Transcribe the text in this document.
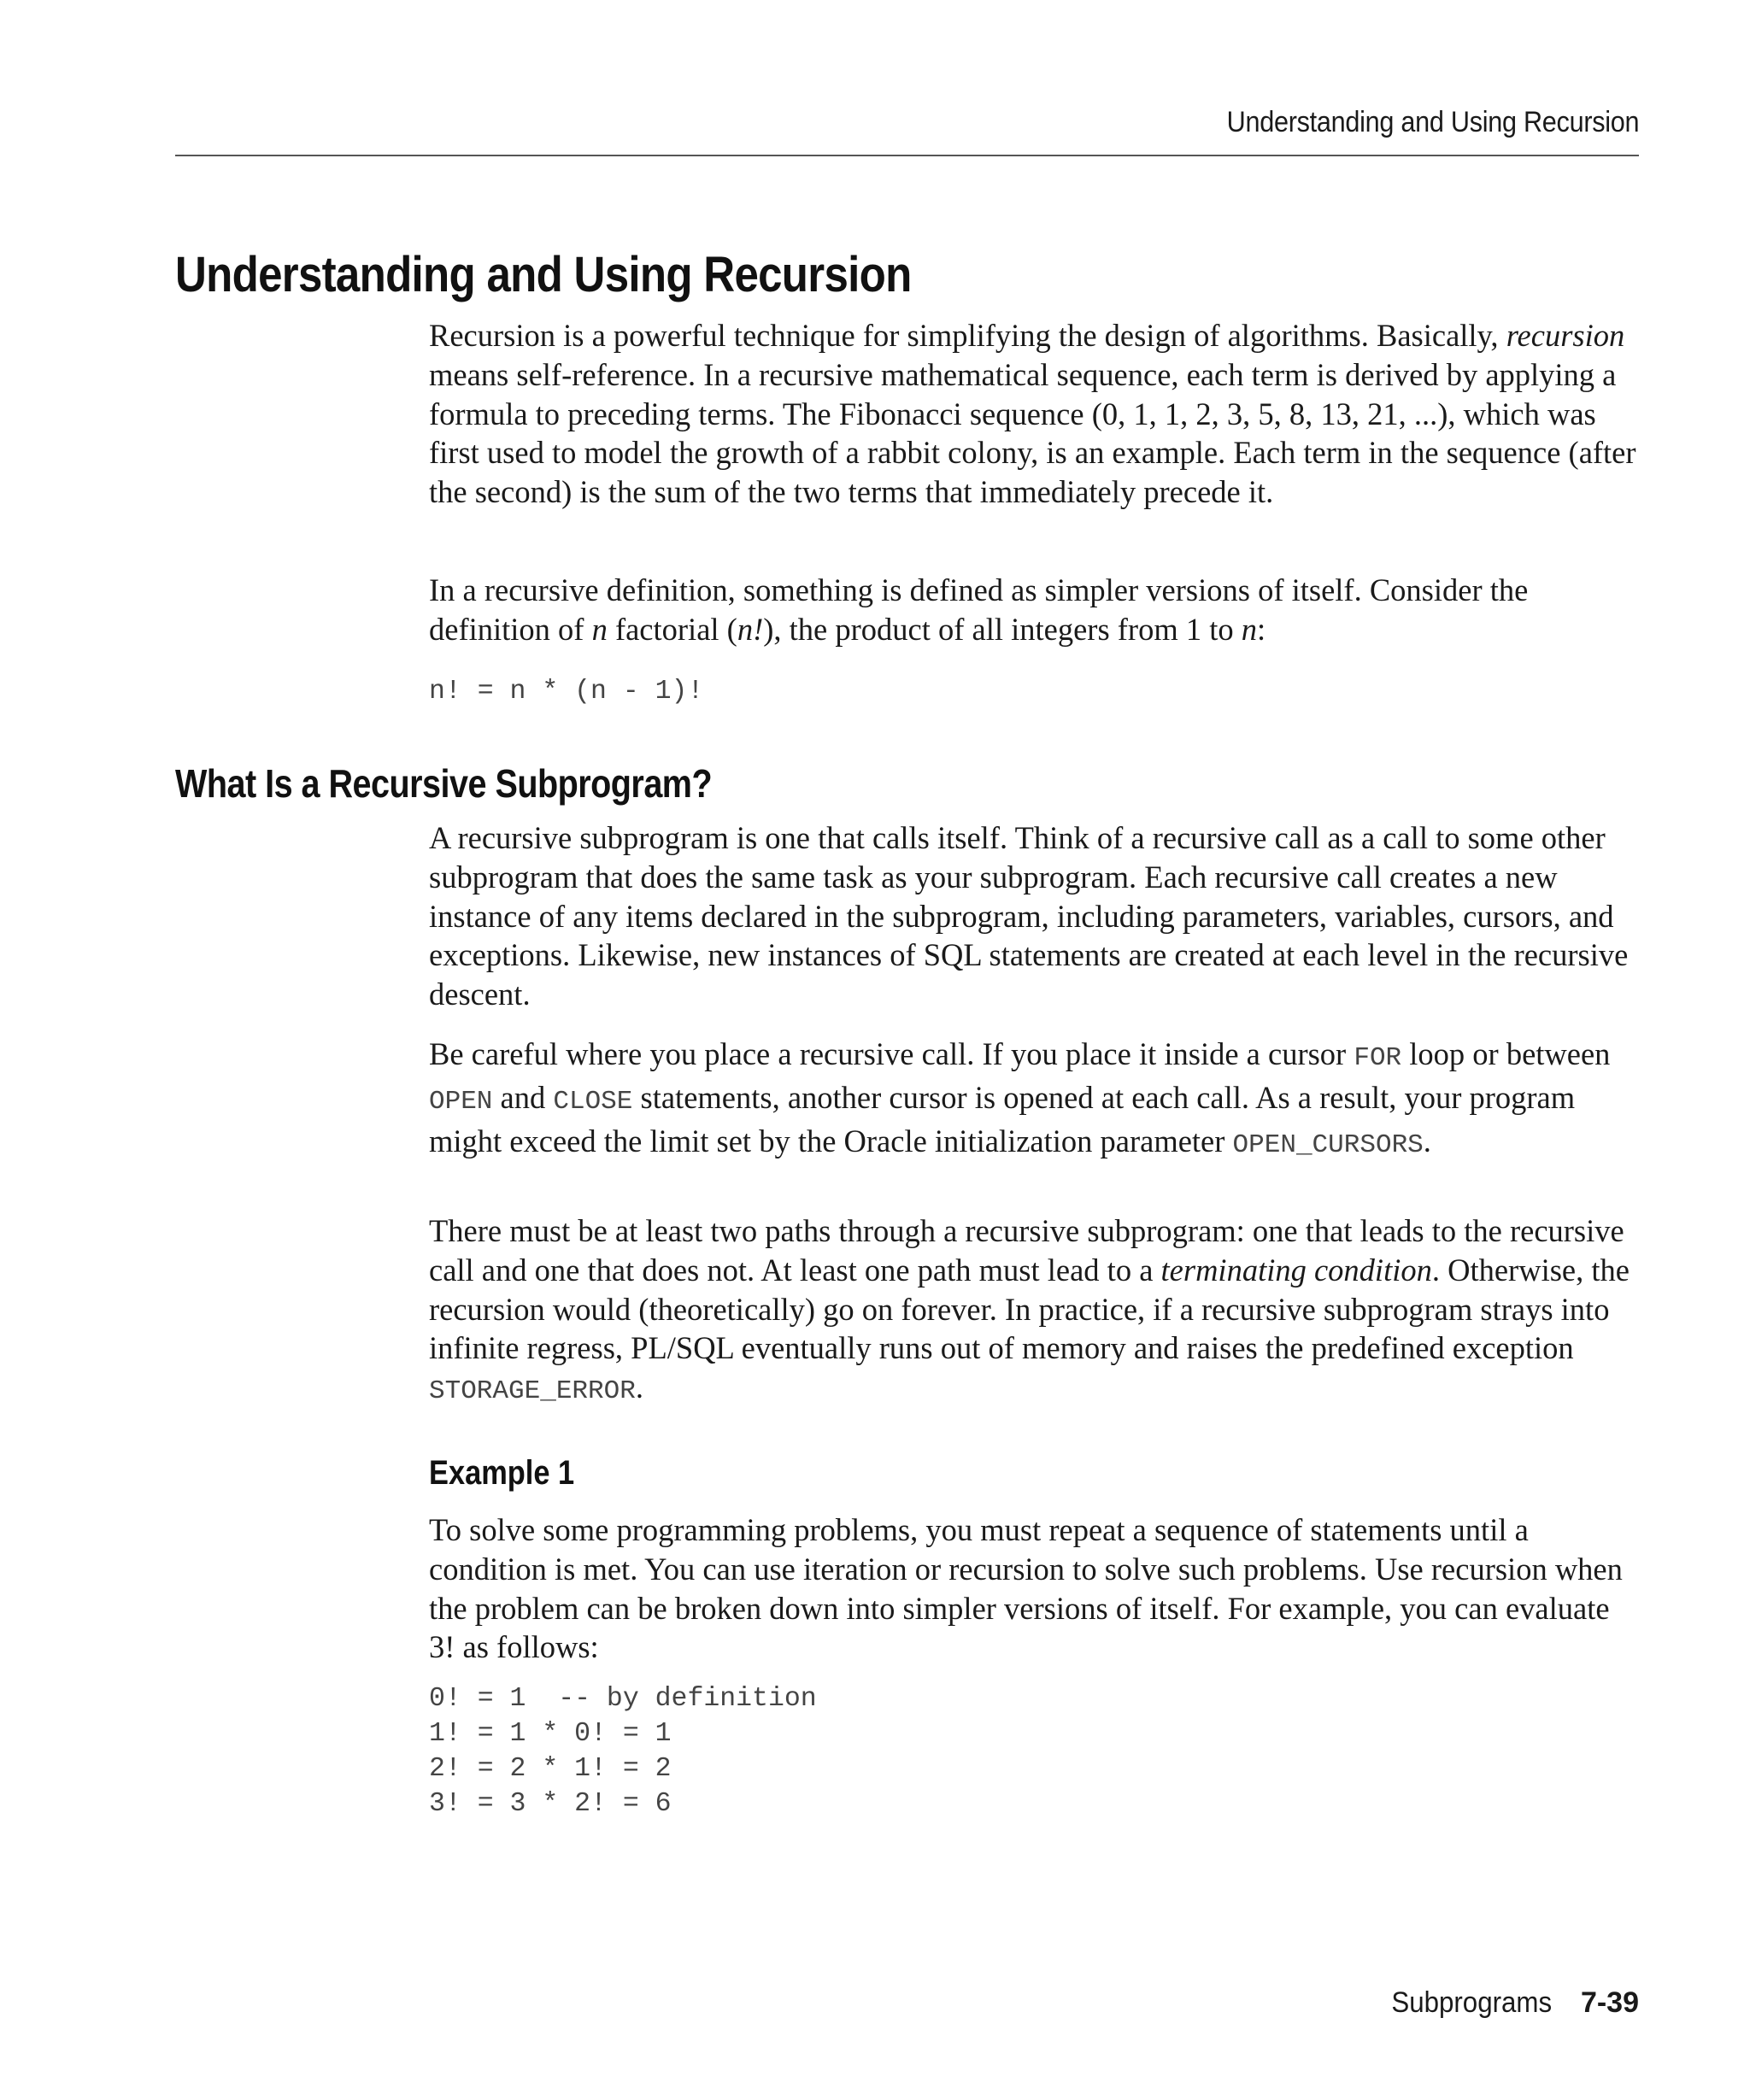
Understanding and Using Recursion
Understanding and Using Recursion

Recursion is a powerful technique for simplifying the design of algorithms. Basically, recursion means self-reference. In a recursive mathematical sequence, each term is derived by applying a formula to preceding terms. The Fibonacci sequence (0, 1, 1, 2, 3, 5, 8, 13, 21, ...), which was first used to model the growth of a rabbit colony, is an example. Each term in the sequence (after the second) is the sum of the two terms that immediately precede it.

In a recursive definition, something is defined as simpler versions of itself. Consider the definition of n factorial (n!), the product of all integers from 1 to n:

n! = n * (n - 1)!
What Is a Recursive Subprogram?

A recursive subprogram is one that calls itself. Think of a recursive call as a call to some other subprogram that does the same task as your subprogram. Each recursive call creates a new instance of any items declared in the subprogram, including parameters, variables, cursors, and exceptions. Likewise, new instances of SQL statements are created at each level in the recursive descent.

Be careful where you place a recursive call. If you place it inside a cursor FOR loop or between OPEN and CLOSE statements, another cursor is opened at each call. As a result, your program might exceed the limit set by the Oracle initialization parameter OPEN_CURSORS.

There must be at least two paths through a recursive subprogram: one that leads to the recursive call and one that does not. At least one path must lead to a terminating condition. Otherwise, the recursion would (theoretically) go on forever. In practice, if a recursive subprogram strays into infinite regress, PL/SQL eventually runs out of memory and raises the predefined exception STORAGE_ERROR.

Example 1

To solve some programming problems, you must repeat a sequence of statements until a condition is met. You can use iteration or recursion to solve such problems. Use recursion when the problem can be broken down into simpler versions of itself. For example, you can evaluate 3! as follows:

0! = 1  -- by definition
1! = 1 * 0! = 1
2! = 2 * 1! = 2
3! = 3 * 2! = 6
Subprograms 7-39
